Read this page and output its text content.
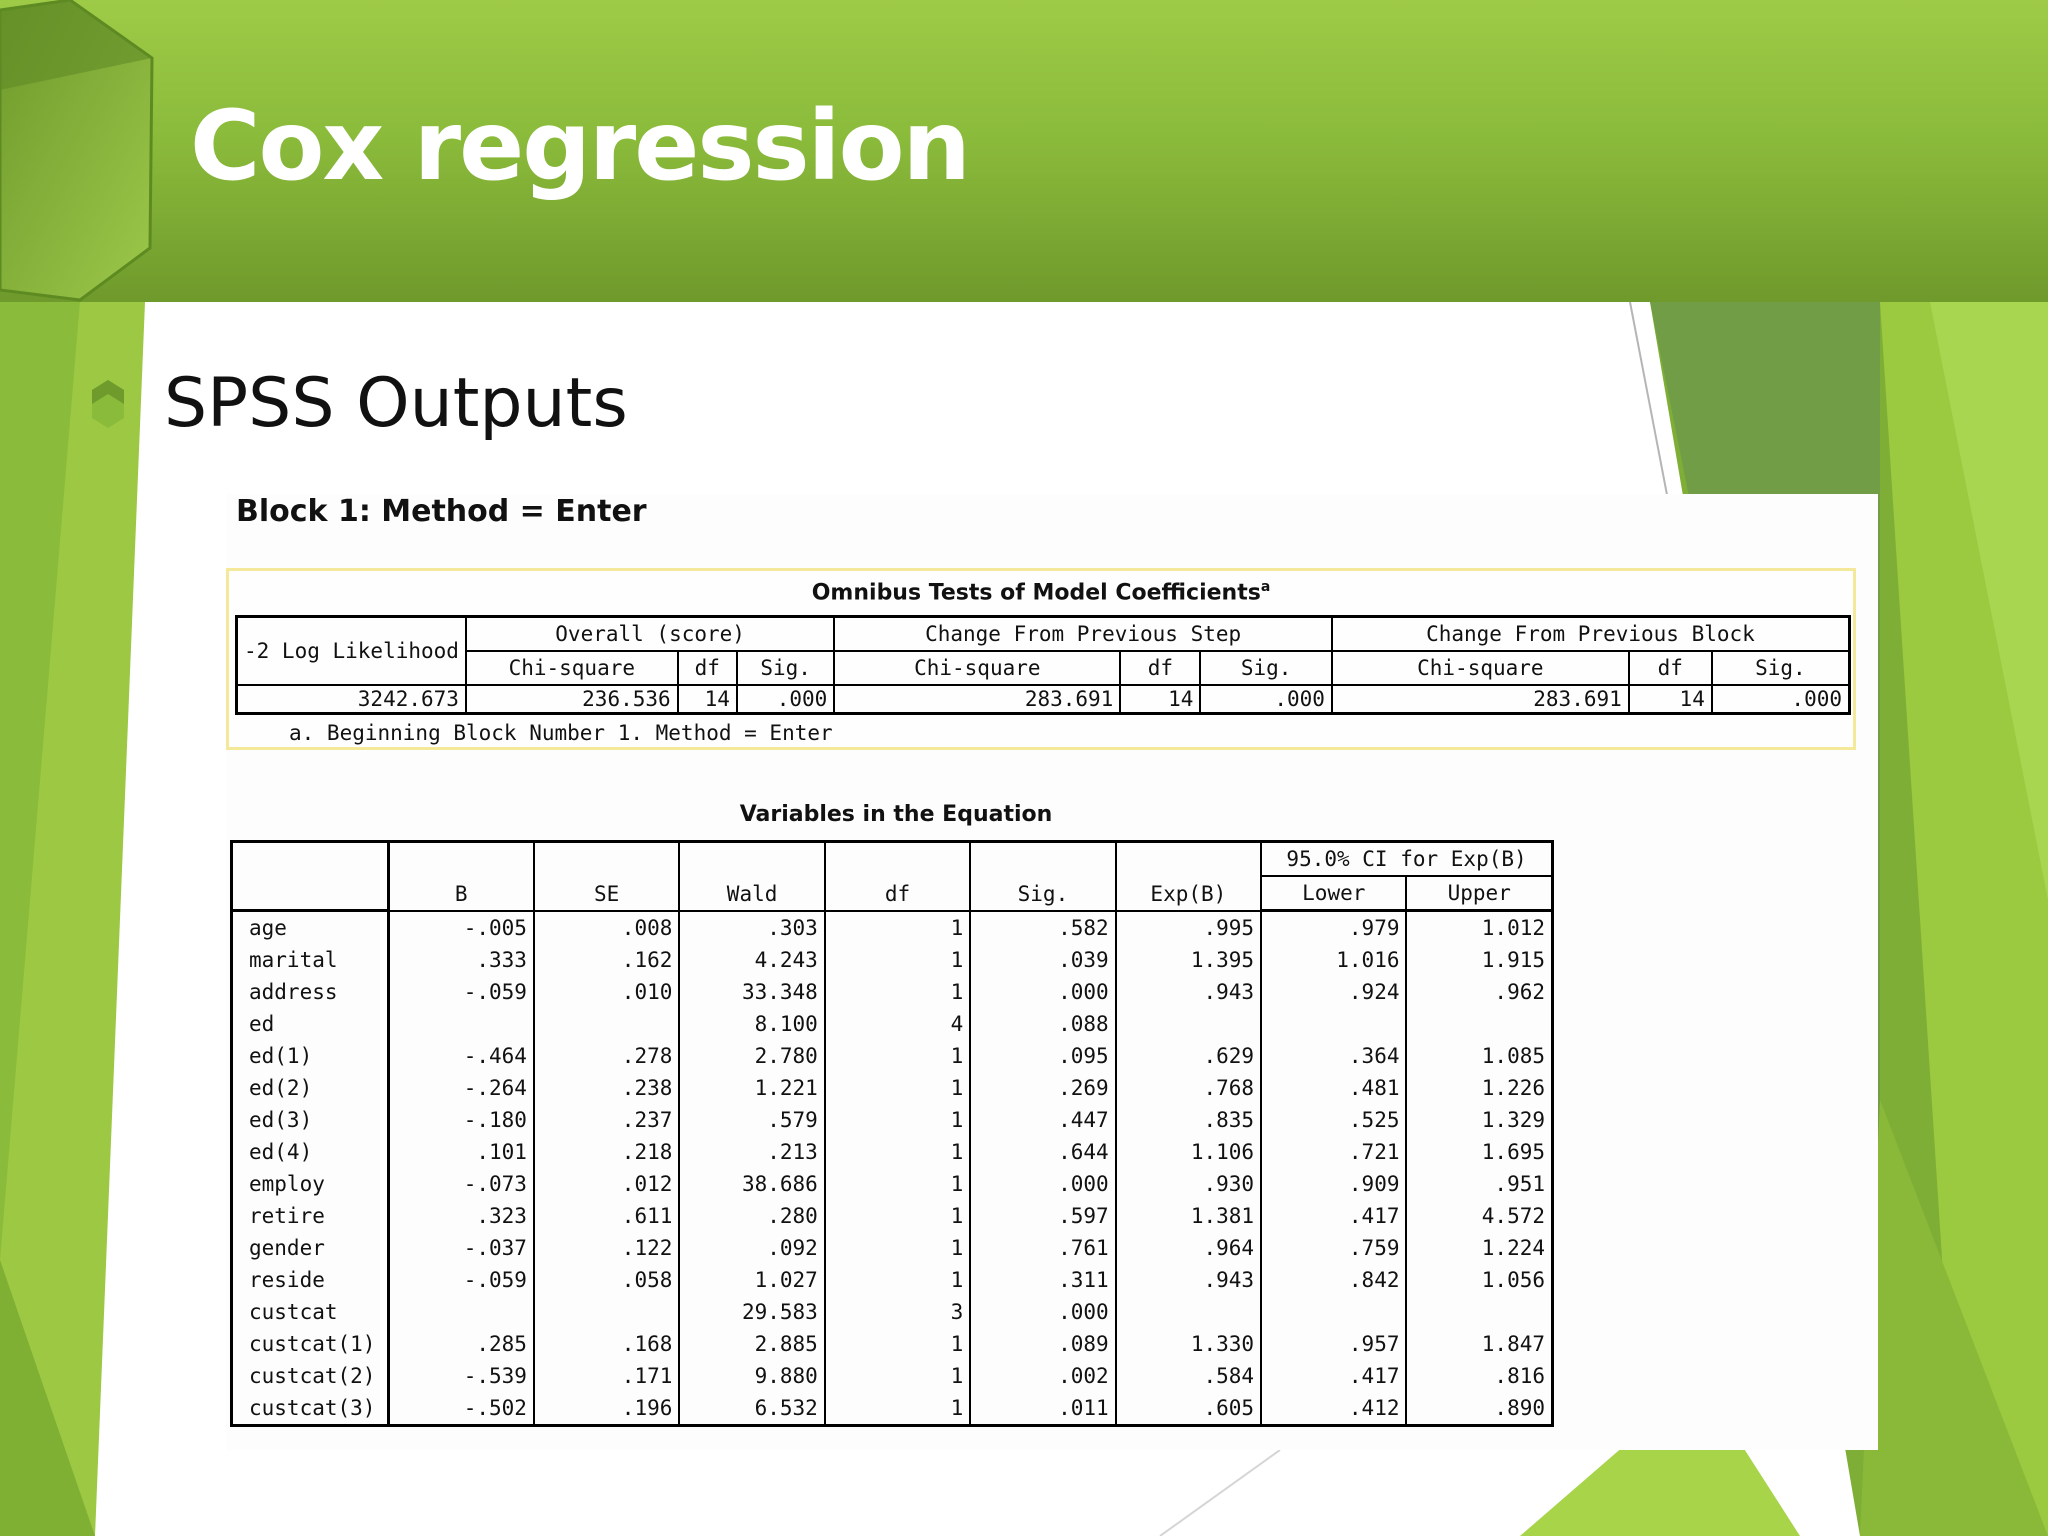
Cox regression
SPSS Outputs
Block 1: Method = Enter
Omnibus Tests of Model Coefficients$^a$
-2 Log Likelihood	Overall (score)			Change From Previous Step			Change From Previous Block		
	Chi-square	df	Sig.	Chi-square	df	Sig.	Chi-square	df	Sig.
3242.673	236.536	14	.000	283.691	14	.000	283.691	14	.000
a. Beginning Block Number 1. Method = Enter
Variables in the Equation
	B	SE	Wald	df	Sig.	Exp(B)	95.0% CI for Exp(B)	
							Lower	Upper
age	-.005	.008	.303	1	.582	.995	.979	1.012
marital	.333	.162	4.243	1	.039	1.395	1.016	1.915
address	-.059	.010	33.348	1	.000	.943	.924	.962
ed			8.100	4	.088			
ed(1)	-.464	.278	2.780	1	.095	.629	.364	1.085
ed(2)	-.264	.238	1.221	1	.269	.768	.481	1.226
ed(3)	-.180	.237	.579	1	.447	.835	.525	1.329
ed(4)	.101	.218	.213	1	.644	1.106	.721	1.695
employ	-.073	.012	38.686	1	.000	.930	.909	.951
retire	.323	.611	.280	1	.597	1.381	.417	4.572
gender	-.037	.122	.092	1	.761	.964	.759	1.224
reside	-.059	.058	1.027	1	.311	.943	.842	1.056
custcat			29.583	3	.000			
custcat(1)	.285	.168	2.885	1	.089	1.330	.957	1.847
custcat(2)	-.539	.171	9.880	1	.002	.584	.417	.816
custcat(3)	-.502	.196	6.532	1	.011	.605	.412	.890
